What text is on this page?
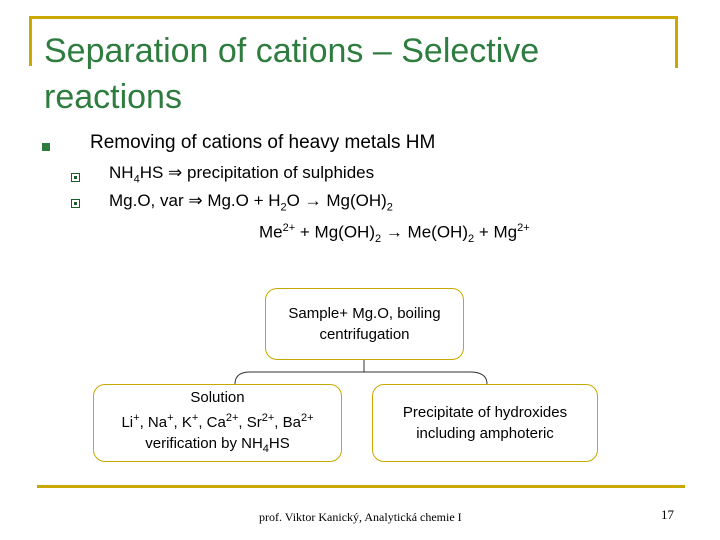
Separation of cations – Selective reactions
Removing of cations of heavy metals HM
$NH_4HS$ ⇒ precipitation of sulphides
Mg.O, var ⇒ $Mg.O + H_2O \to Mg(OH)_2$
$Me^{2+} + Mg(OH)_2 \to Me(OH)_2 + Mg^{2+}$
Sample+ Mg.O, boiling
centrifugation
Solution
Li+, Na+, K+, $Ca^{2+}$, $Sr^{2+}$, $Ba^{2+}$
verification by $NH_4HS$
Precipitate of hydroxides
including amphoteric
prof. Viktor Kanický, Analytická chemie I	17
